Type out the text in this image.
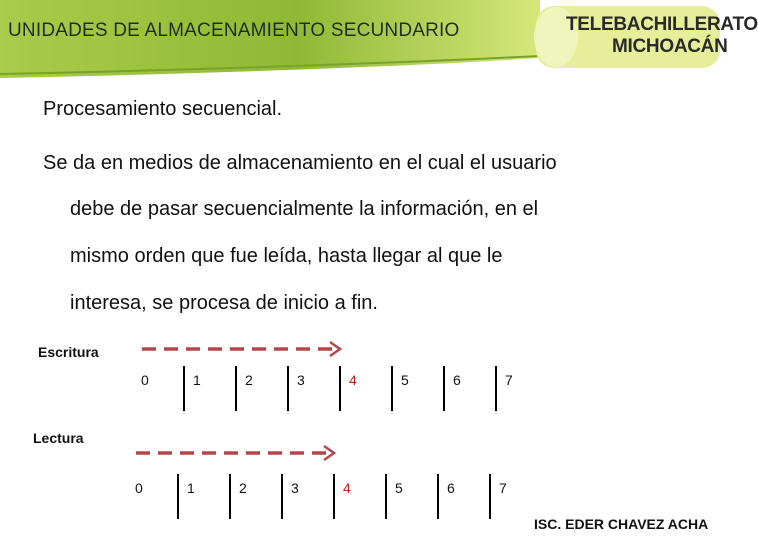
UNIDADES DE ALMACENAMIENTO SECUNDARIO	TELEBACHILLERATO
MICHOACÁN
Procesamiento secuencial.
Se da en medios de almacenamiento en el cual el usuario
debe de pasar secuencialmente la información, en el
mismo orden que fue leída, hasta llegar al que le
interesa, se procesa de inicio a fin.
Escritura
0	1	2	3	4	5	6	7
Lectura
0	1	2	3	4	5	6	7
ISC. EDER CHAVEZ ACHA
